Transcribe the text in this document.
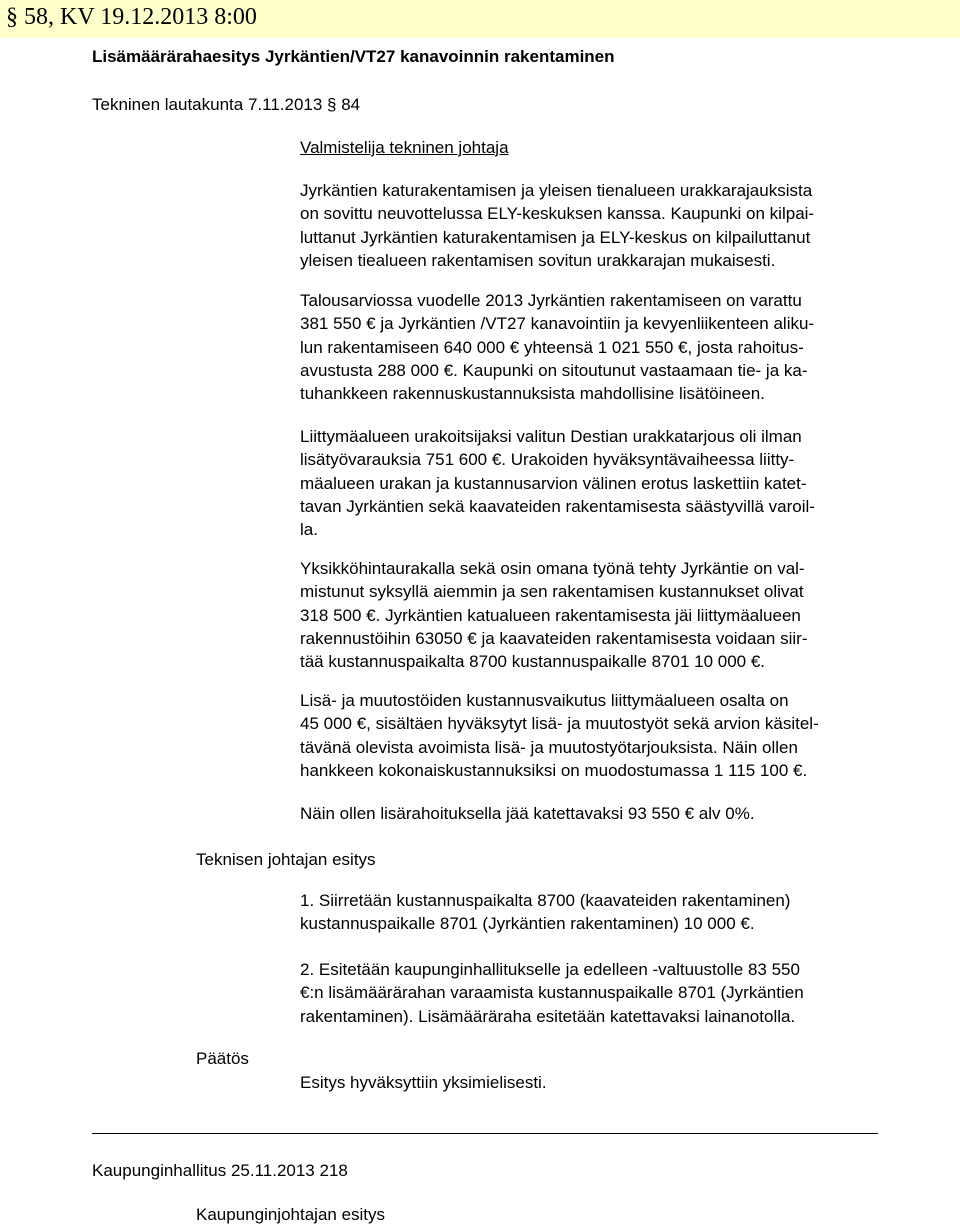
§ 58, KV 19.12.2013 8:00
Lisämäärärahaesitys Jyrkäntien/VT27 kanavoinnin rakentaminen
Tekninen lautakunta 7.11.2013 § 84
Valmistelija tekninen johtaja
Jyrkäntien katurakentamisen ja yleisen tienalueen urakkarajauksista
on sovittu neuvottelussa ELY-keskuksen kanssa. Kaupunki on kilpai-
luttanut Jyrkäntien katurakentamisen ja ELY-keskus on kilpailuttanut
yleisen tiealueen rakentamisen sovitun urakkarajan mukaisesti.
Talousarviossa vuodelle 2013 Jyrkäntien rakentamiseen on varattu
381 550 € ja Jyrkäntien /VT27 kanavointiin ja kevyenliikenteen aliku-
lun rakentamiseen 640 000 € yhteensä 1 021 550 €, josta rahoitus-
avustusta 288 000 €. Kaupunki on sitoutunut vastaamaan tie- ja ka-
tuhankkeen rakennuskustannuksista mahdollisine lisätöineen.
Liittymäalueen urakoitsijaksi valitun Destian urakkatarjous oli ilman
lisätyövarauksia 751 600 €. Urakoiden hyväksyntävaiheessa liitty-
mäalueen urakan ja kustannusarvion välinen erotus laskettiin katet-
tavan Jyrkäntien sekä kaavateiden rakentamisesta säästyvillä varoil-
la.
Yksikköhintaurakalla sekä osin omana työnä tehty Jyrkäntie on val-
mistunut syksyllä aiemmin ja sen rakentamisen kustannukset olivat
318 500 €. Jyrkäntien katualueen rakentamisesta jäi liittymäalueen
rakennustöihin 63050 € ja kaavateiden rakentamisesta voidaan siir-
tää kustannuspaikalta 8700 kustannuspaikalle 8701 10 000 €.
Lisä- ja muutostöiden kustannusvaikutus liittymäalueen osalta on
45 000 €, sisältäen hyväksytyt lisä- ja muutostyöt sekä arvion käsitel-
tävänä olevista avoimista lisä- ja muutostyötarjouksista. Näin ollen
hankkeen kokonaiskustannuksiksi on muodostumassa 1 115 100 €.
Näin ollen lisärahoituksella jää katettavaksi 93 550 € alv 0%.
Teknisen johtajan esitys
1. Siirretään kustannuspaikalta 8700 (kaavateiden rakentaminen)
kustannuspaikalle 8701 (Jyrkäntien rakentaminen) 10 000 €.
2. Esitetään kaupunginhallitukselle ja edelleen -valtuustolle 83 550
€:n lisämäärärahan varaamista kustannuspaikalle 8701 (Jyrkäntien
rakentaminen). Lisämääräraha esitetään katettavaksi lainanotolla.
Päätös
Esitys hyväksyttiin yksimielisesti.
Kaupunginhallitus 25.11.2013 218
Kaupunginjohtajan esitys
